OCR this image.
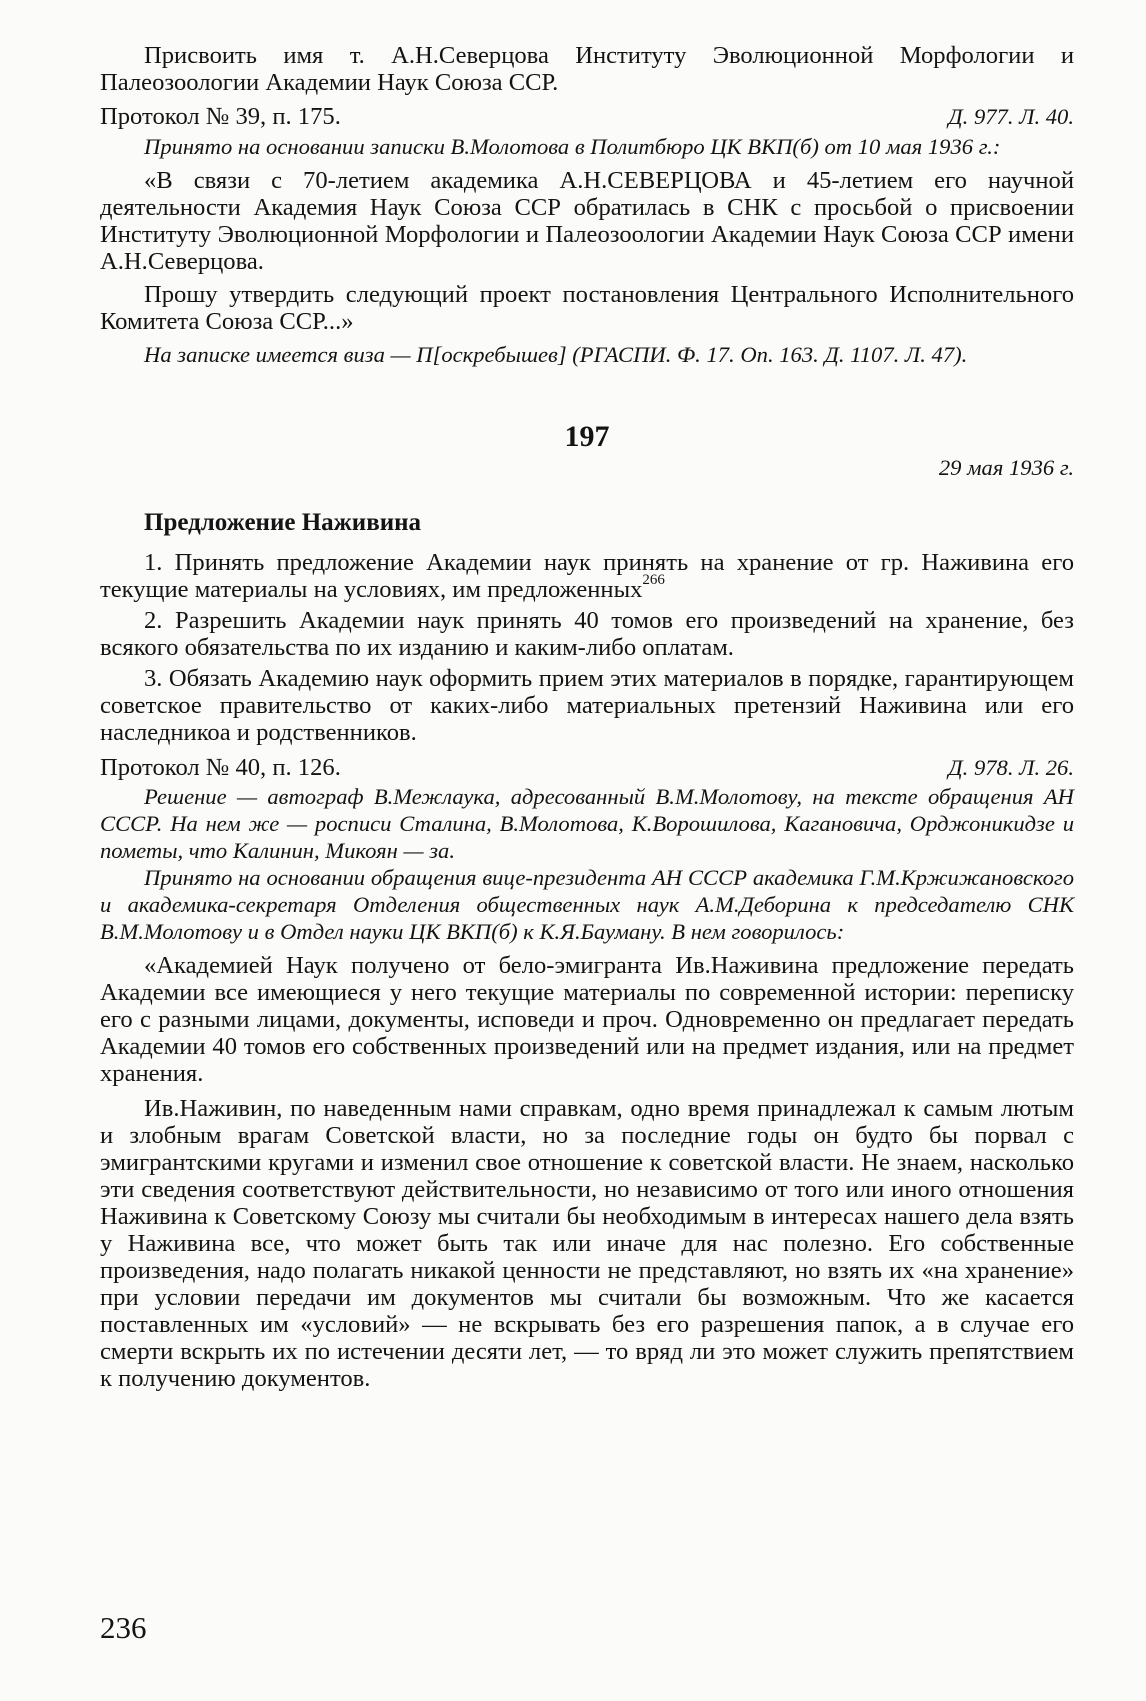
Присвоить имя т. А.Н.Северцова Институту Эволюционной Морфологии и Палеозоологии Академии Наук Союза ССР.

Протокол № 39, п. 175.	Д. 977. Л. 40.

Принято на основании записки В.Молотова в Политбюро ЦК ВКП(б) от 10 мая 1936 г.:

«В связи с 70-летием академика А.Н.СЕВЕРЦОВА и 45-летием его научной деятельности Академия Наук Союза ССР обратилась в СНК с просьбой о присвоении Институту Эволюционной Морфологии и Палеозоологии Академии Наук Союза ССР имени А.Н.Северцова.

Прошу утвердить следующий проект постановления Центрального Исполнительного Комитета Союза ССР...»

На записке имеется виза — П[оскребышев] (РГАСПИ. Ф. 17. Оп. 163. Д. 1107. Л. 47).

197
29 мая 1936 г.

Предложение Наживина

1. Принять предложение Академии наук принять на хранение от гр. Наживина его текущие материалы на условиях, им предложенных$^{266}$

2. Разрешить Академии наук принять 40 томов его произведений на хранение, без всякого обязательства по их изданию и каким-либо оплатам.

3. Обязать Академию наук оформить прием этих материалов в порядке, гарантирующем советское правительство от каких-либо материальных претензий Наживина или его наследникоа и родственников.

Протокол № 40, п. 126.	Д. 978. Л. 26.

Решение — автограф В.Межлаука, адресованный В.М.Молотову, на тексте обращения АН СССР. На нем же — росписи Сталина, В.Молотова, К.Ворошилова, Кагановича, Орджоникидзе и пометы, что Калинин, Микоян — за.

Принято на основании обращения вице-президента АН СССР академика Г.М.Кржижановского и академика-секретаря Отделения общественных наук А.М.Деборина к председателю СНК В.М.Молотову и в Отдел науки ЦК ВКП(б) к К.Я.Бауману. В нем говорилось:

«Академией Наук получено от бело-эмигранта Ив.Наживина предложение передать Академии все имеющиеся у него текущие материалы по современной истории: переписку его с разными лицами, документы, исповеди и проч. Одновременно он предлагает передать Академии 40 томов его собственных произведений или на предмет издания, или на предмет хранения.

Ив.Наживин, по наведенным нами справкам, одно время принадлежал к самым лютым и злобным врагам Советской власти, но за последние годы он будто бы порвал с эмигрантскими кругами и изменил свое отношение к советской власти. Не знаем, насколько эти сведения соответствуют действительности, но независимо от того или иного отношения Наживина к Советскому Союзу мы считали бы необходимым в интересах нашего дела взять у Наживина все, что может быть так или иначе для нас полезно. Его собственные произведения, надо полагать никакой ценности не представляют, но взять их «на хранение» при условии передачи им документов мы считали бы возможным. Что же касается поставленных им «условий» — не вскрывать без его разрешения папок, а в случае его смерти вскрыть их по истечении десяти лет, — то вряд ли это может служить препятствием к получению документов.

236
